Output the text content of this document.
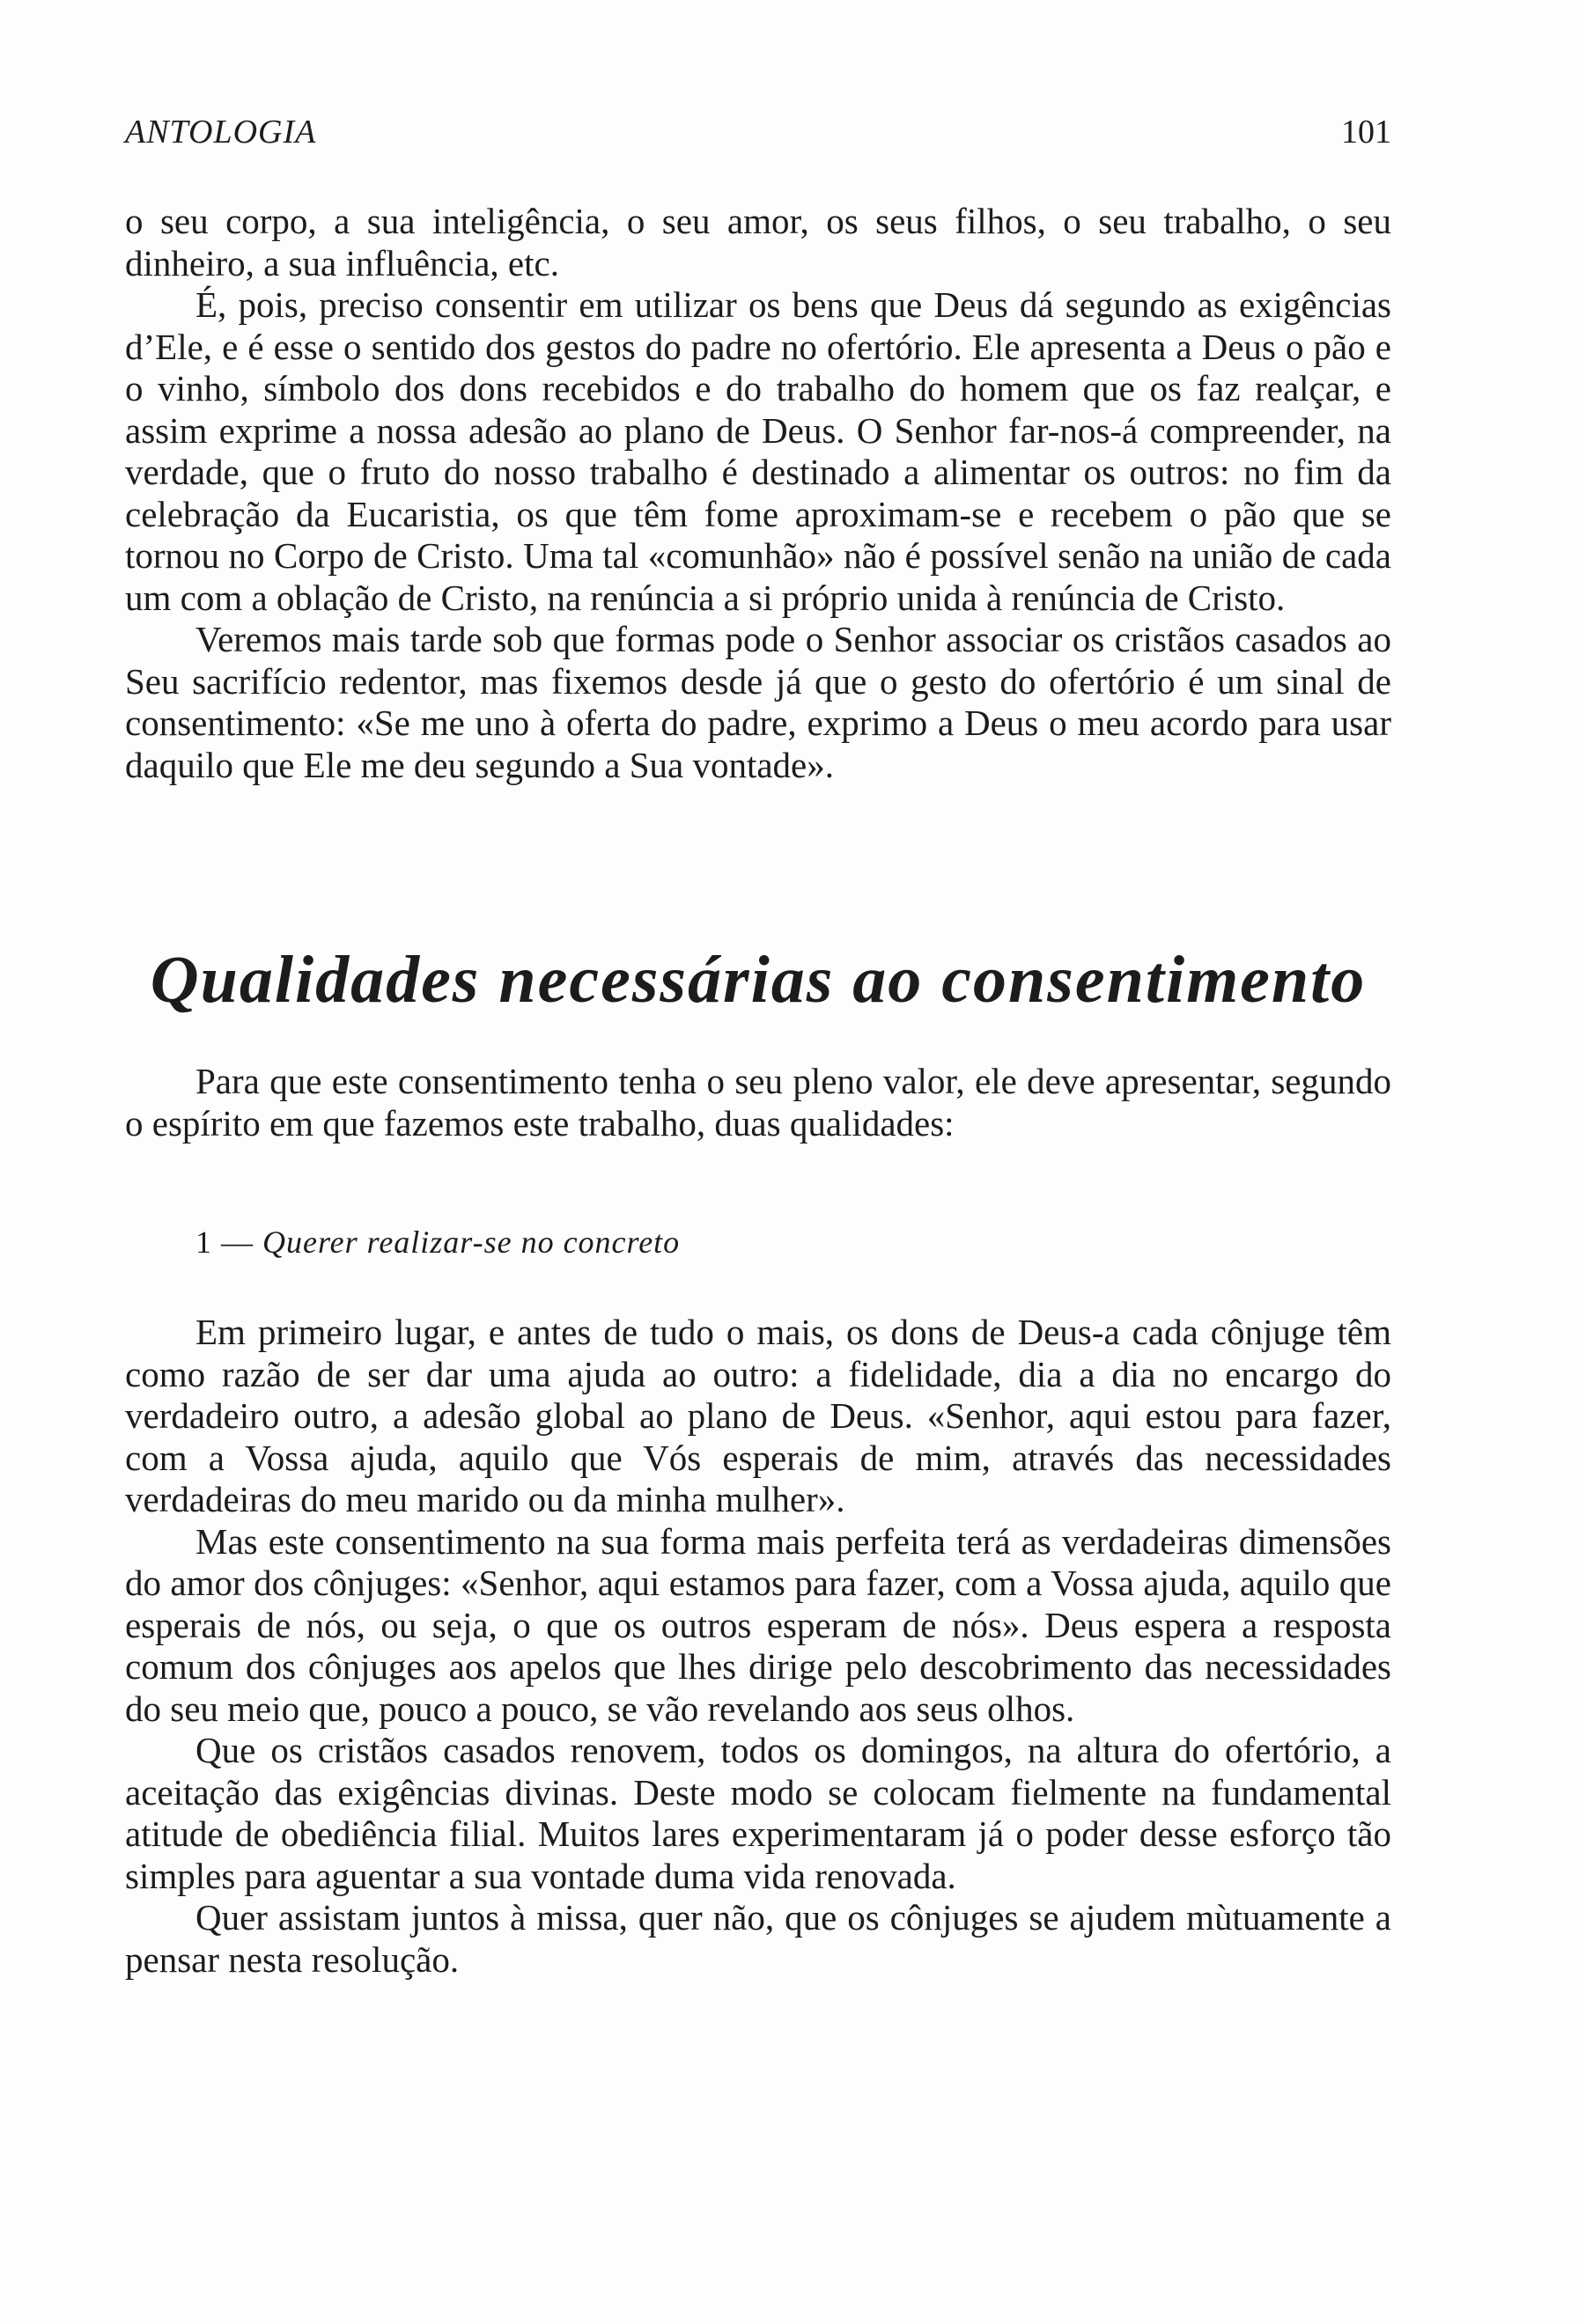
ANTOLOGIA	101

o seu corpo, a sua inteligência, o seu amor, os seus filhos, o seu trabalho, o seu dinheiro, a sua influência, etc.

É, pois, preciso consentir em utilizar os bens que Deus dá segundo as exigências d’Ele, e é esse o sentido dos gestos do padre no ofertório. Ele apresenta a Deus o pão e o vinho, símbolo dos dons recebidos e do trabalho do homem que os faz realçar, e assim exprime a nossa adesão ao plano de Deus. O Senhor far-nos-á compreender, na verdade, que o fruto do nosso trabalho é destinado a alimentar os outros: no fim da celebração da Eucaristia, os que têm fome aproximam-se e recebem o pão que se tornou no Corpo de Cristo. Uma tal «comunhão» não é possível senão na união de cada um com a oblação de Cristo, na renúncia a si próprio unida à renúncia de Cristo.

Veremos mais tarde sob que formas pode o Senhor associar os cristãos casados ao Seu sacrifício redentor, mas fixemos desde já que o gesto do ofertório é um sinal de consentimento: «Se me uno à oferta do padre, exprimo a Deus o meu acordo para usar daquilo que Ele me deu segundo a Sua vontade».

Qualidades necessárias ao consentimento

Para que este consentimento tenha o seu pleno valor, ele deve apresentar, segundo o espírito em que fazemos este trabalho, duas qualidades:

1 — Querer realizar-se no concreto

Em primeiro lugar, e antes de tudo o mais, os dons de Deus-a cada cônjuge têm como razão de ser dar uma ajuda ao outro: a fidelidade, dia a dia no encargo do verdadeiro outro, a adesão global ao plano de Deus. «Senhor, aqui estou para fazer, com a Vossa ajuda, aquilo que Vós esperais de mim, através das necessidades verdadeiras do meu marido ou da minha mulher».

Mas este consentimento na sua forma mais perfeita terá as verdadeiras dimensões do amor dos cônjuges: «Senhor, aqui estamos para fazer, com a Vossa ajuda, aquilo que esperais de nós, ou seja, o que os outros esperam de nós». Deus espera a resposta comum dos cônjuges aos apelos que lhes dirige pelo descobrimento das necessidades do seu meio que, pouco a pouco, se vão revelando aos seus olhos.

Que os cristãos casados renovem, todos os domingos, na altura do ofertório, a aceitação das exigências divinas. Deste modo se colocam fielmente na fundamental atitude de obediência filial. Muitos lares experimentaram já o poder desse esforço tão simples para aguentar a sua vontade duma vida renovada.

Quer assistam juntos à missa, quer não, que os cônjuges se ajudem mùtuamente a pensar nesta resolução.
